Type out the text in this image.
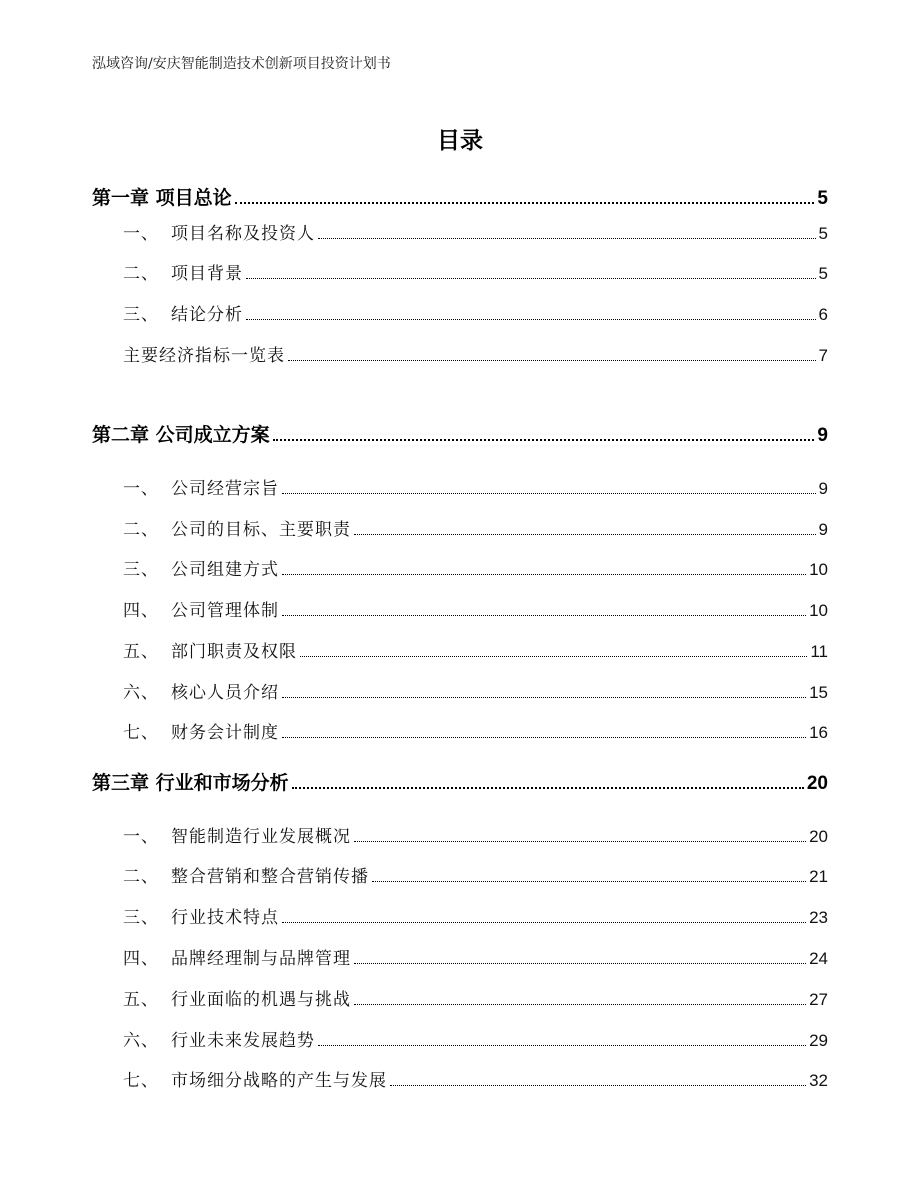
泓域咨询/安庆智能制造技术创新项目投资计划书
目录
第一章 项目总论	5
一、 项目名称及投资人	5
二、 项目背景	5
三、 结论分析	6
主要经济指标一览表	7
第二章 公司成立方案	9
一、 公司经营宗旨	9
二、 公司的目标、主要职责	9
三、 公司组建方式	10
四、 公司管理体制	10
五、 部门职责及权限	11
六、 核心人员介绍	15
七、 财务会计制度	16
第三章 行业和市场分析	20
一、 智能制造行业发展概况	20
二、 整合营销和整合营销传播	21
三、 行业技术特点	23
四、 品牌经理制与品牌管理	24
五、 行业面临的机遇与挑战	27
六、 行业未来发展趋势	29
七、 市场细分战略的产生与发展	32
